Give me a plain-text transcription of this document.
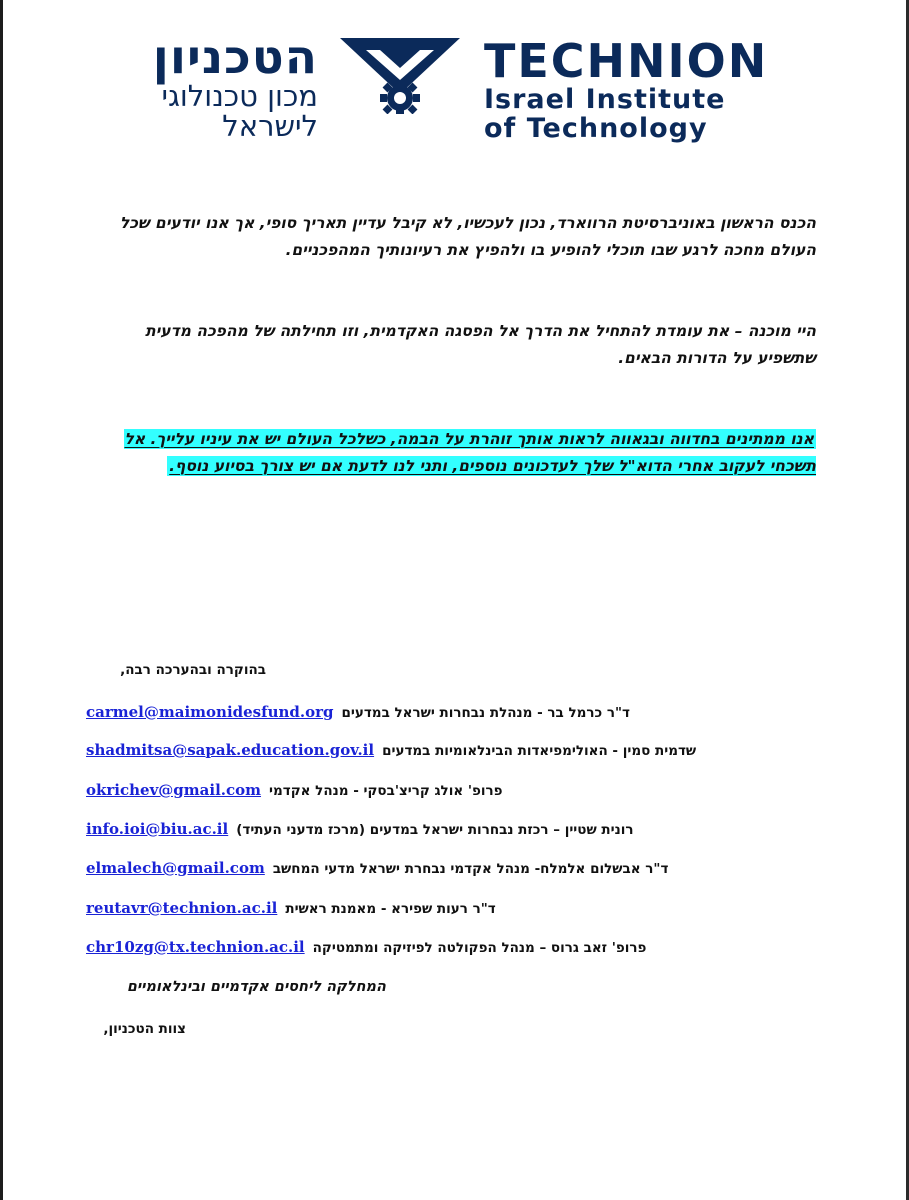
הטכניון
מכון טכנולוגי
לישראל
TECHNION
Israel Institute
of Technology
הכנס הראשון באוניברסיטת הרווארד, נכון לעכשיו, לא קיבל עדיין תאריך סופי, אך אנו יודעים שכל העולם מחכה לרגע שבו תוכלי להופיע בו ולהפיץ את רעיונותיך המהפכניים.
היי מוכנה – את עומדת להתחיל את הדרך אל הפסגה האקדמית, וזו תחילתה של מהפכה מדעית שתשפיע על הדורות הבאים.
אנו ממתינים בחדווה ובגאווה לראות אותך זוהרת על הבמה, כשלכל העולם יש את עיניו עלייך. אל תשכחי לעקוב אחרי הדוא"ל שלך לעדכונים נוספים, ותני לנו לדעת אם יש צורך בסיוע נוסף.
בהוקרה ובהערכה רבה,
ד"ר כרמל בר - מנהלת נבחרות ישראל במדעים
carmel@maimonidesfund.org
שדמית סמין - האולימפיאדות הבינלאומיות במדעים
shadmitsa@sapak.education.gov.il
פרופ' אולג קריצ'בסקי - מנהל אקדמי
okrichev@gmail.com
רונית שטיין – רכזת נבחרות ישראל במדעים (מרכז מדעני העתיד)
info.ioi@biu.ac.il
ד"ר אבשלום אלמלח- מנהל אקדמי נבחרת ישראל מדעי המחשב
elmalech@gmail.com
ד"ר רעות שפירא - מאמנת ראשית
reutavr@technion.ac.il
פרופ' זאב גרוס – מנהל הפקולטה לפיזיקה ומתמטיקה
chr10zg@tx.technion.ac.il
המחלקה ליחסים אקדמיים ובינלאומיים
צוות הטכניון,
